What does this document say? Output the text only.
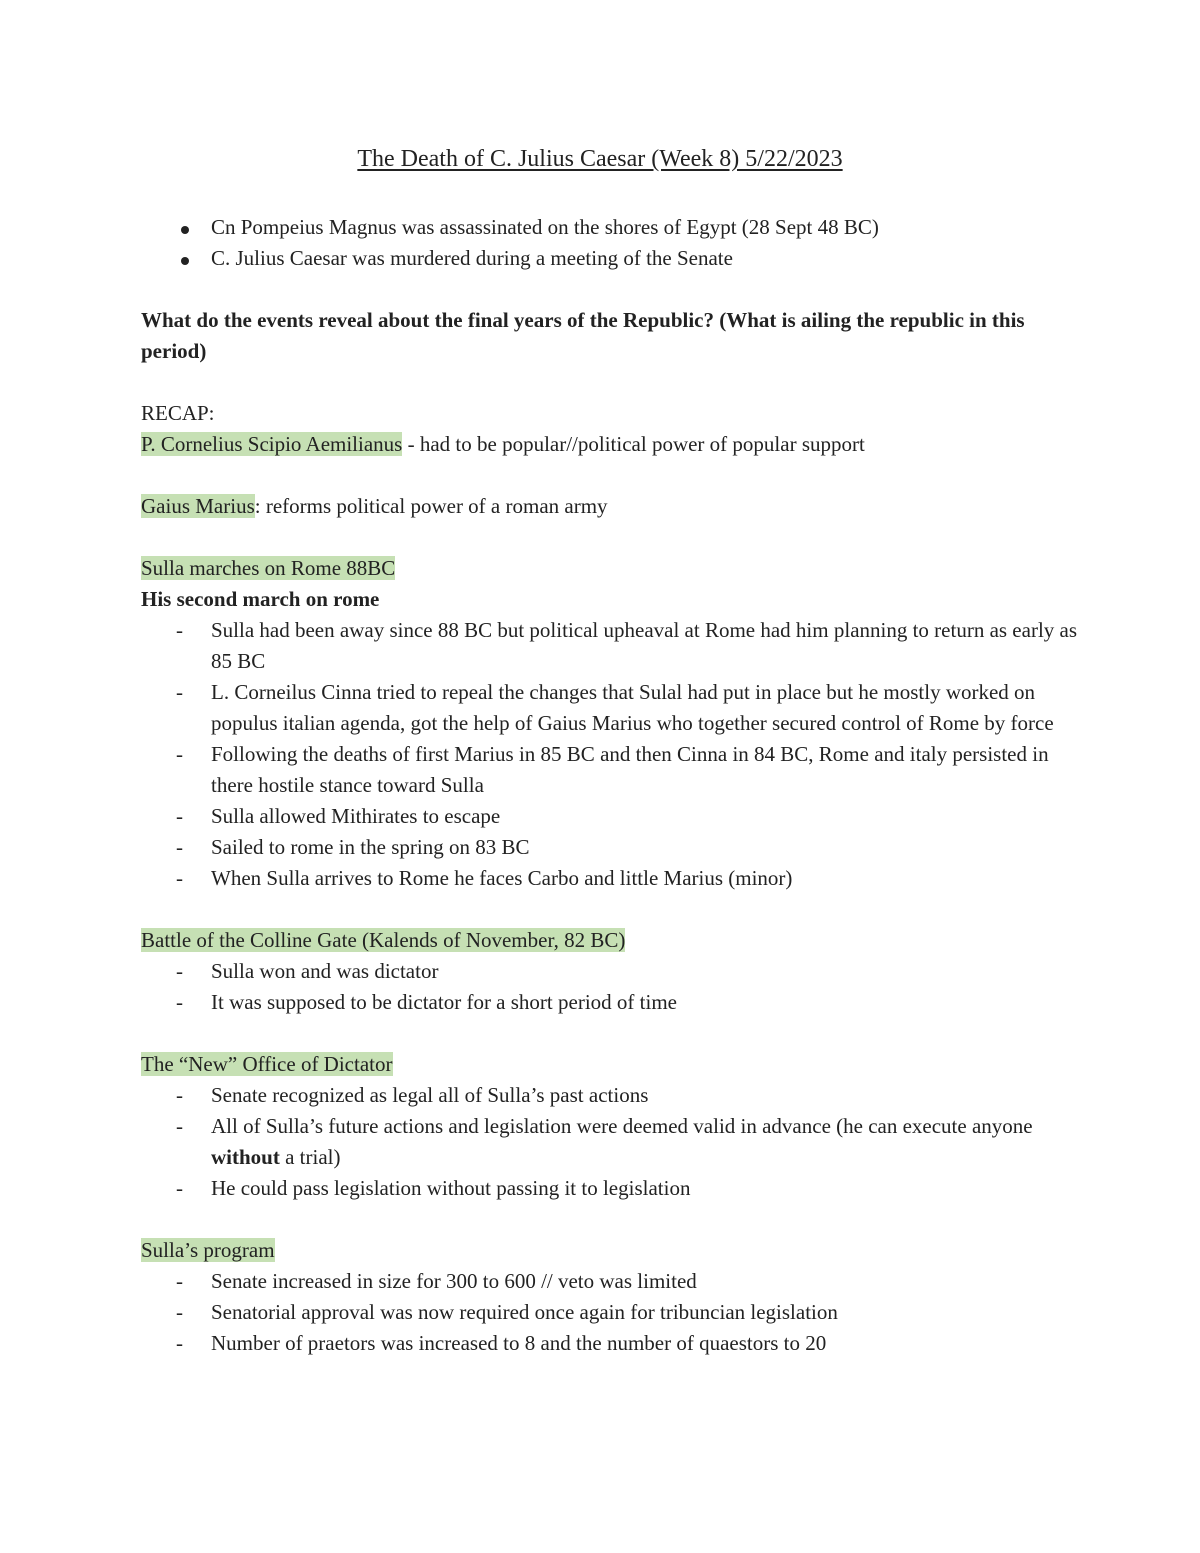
The Death of C. Julius Caesar (Week 8) 5/22/2023
Cn Pompeius Magnus was assassinated on the shores of Egypt (28 Sept 48 BC)
C. Julius Caesar was murdered during a meeting of the Senate
What do the events reveal about the final years of the Republic? (What is ailing the republic in this period)
RECAP:
P. Cornelius Scipio Aemilianus - had to be popular//political power of popular support
Gaius Marius: reforms political power of a roman army
Sulla marches on Rome 88BC
His second march on rome
- Sulla had been away since 88 BC but political upheaval at Rome had him planning to return as early as 85 BC
- L. Corneilus Cinna tried to repeal the changes that Sulal had put in place but he mostly worked on populus italian agenda, got the help of Gaius Marius who together secured control of Rome by force
- Following the deaths of first Marius in 85 BC and then Cinna in 84 BC, Rome and italy persisted in there hostile stance toward Sulla
- Sulla allowed Mithirates to escape
- Sailed to rome in the spring on 83 BC
- When Sulla arrives to Rome he faces Carbo and little Marius (minor)
Battle of the Colline Gate (Kalends of November, 82 BC)
- Sulla won and was dictator
- It was supposed to be dictator for a short period of time
The “New” Office of Dictator
- Senate recognized as legal all of Sulla’s past actions
- All of Sulla’s future actions and legislation were deemed valid in advance (he can execute anyone without a trial)
- He could pass legislation without passing it to legislation
Sulla’s program
- Senate increased in size for 300 to 600 // veto was limited
- Senatorial approval was now required once again for tribuncian legislation
- Number of praetors was increased to 8 and the number of quaestors to 20
